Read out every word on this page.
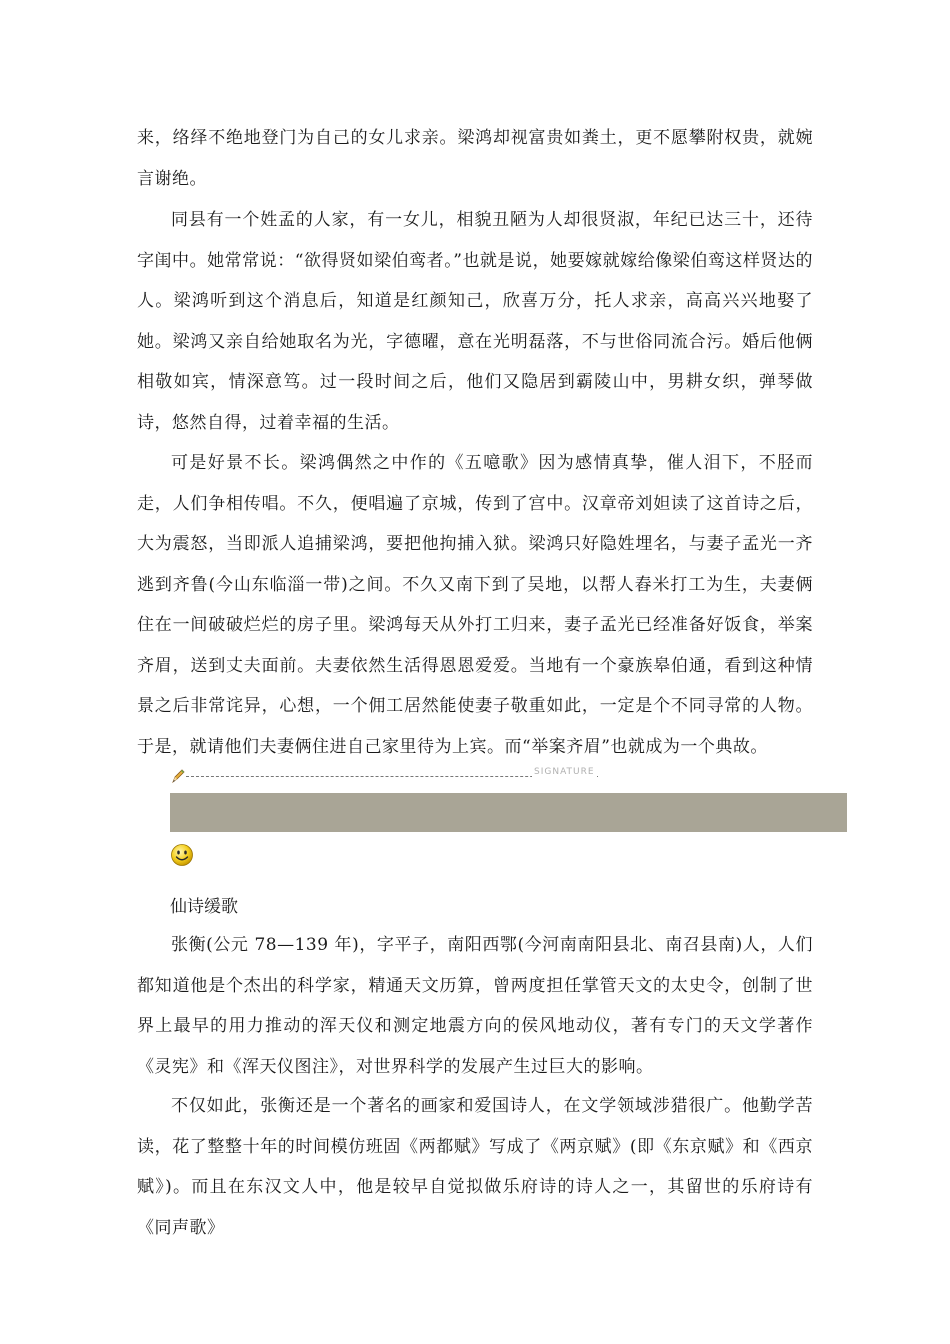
来，络绎不绝地登门为自己的女儿求亲。梁鸿却视富贵如粪土，更不愿攀附权贵，就婉言谢绝。

同县有一个姓孟的人家，有一女儿，相貌丑陋为人却很贤淑，年纪已达三十，还待字闺中。她常常说：“欲得贤如梁伯鸾者。”也就是说，她要嫁就嫁给像梁伯鸾这样贤达的人。梁鸿听到这个消息后，知道是红颜知己，欣喜万分，托人求亲，高高兴兴地娶了她。梁鸿又亲自给她取名为光，字德曜，意在光明磊落，不与世俗同流合污。婚后他俩相敬如宾，情深意笃。过一段时间之后，他们又隐居到霸陵山中，男耕女织，弹琴做诗，悠然自得，过着幸福的生活。

可是好景不长。梁鸿偶然之中作的《五噫歌》因为感情真挚，催人泪下，不胫而走，人们争相传唱。不久，便唱遍了京城，传到了宫中。汉章帝刘妲读了这首诗之后，大为震怒，当即派人追捕梁鸿，要把他拘捕入狱。梁鸿只好隐姓埋名，与妻子孟光一齐逃到齐鲁(今山东临淄一带)之间。不久又南下到了吴地，以帮人舂米打工为生，夫妻俩住在一间破破烂烂的房子里。梁鸿每天从外打工归来，妻子孟光已经准备好饭食，举案齐眉，送到丈夫面前。夫妻依然生活得恩恩爱爱。当地有一个豪族皋伯通，看到这种情景之后非常诧异，心想，一个佣工居然能使妻子敬重如此，一定是个不同寻常的人物。于是，就请他们夫妻俩住进自己家里待为上宾。而“举案齐眉”也就成为一个典故。

SIGNATURE

仙诗缓歌

张衡(公元 78—139 年)，字平子，南阳西鄂(今河南南阳县北、南召县南)人，人们都知道他是个杰出的科学家，精通天文历算，曾两度担任掌管天文的太史令，创制了世界上最早的用力推动的浑天仪和测定地震方向的侯风地动仪，著有专门的天文学著作《灵宪》和《浑天仪图注》，对世界科学的发展产生过巨大的影响。

不仅如此，张衡还是一个著名的画家和爱国诗人，在文学领域涉猎很广。他勤学苦读，花了整整十年的时间模仿班固《两都赋》写成了《两京赋》(即《东京赋》和《西京赋》)。而且在东汉文人中，他是较早自觉拟做乐府诗的诗人之一，其留世的乐府诗有《同声歌》
